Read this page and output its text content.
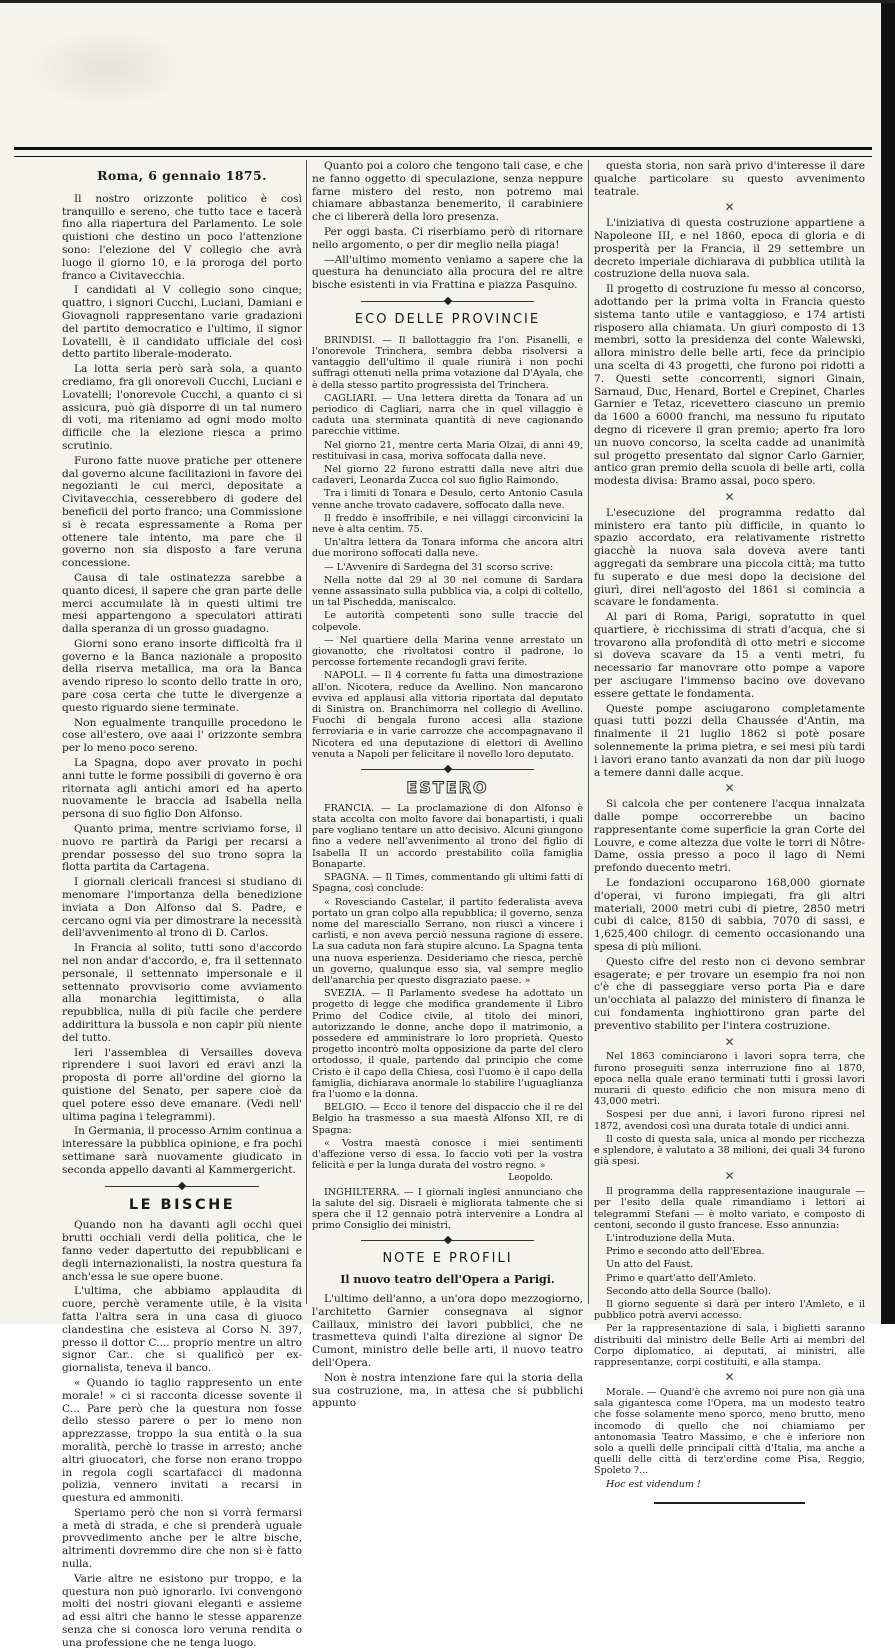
Roma, 6 gennaio 1875.

Il nostro orizzonte politico è così tranquillo e sereno, che tutto tace e tacerà fino alla riapertura del Parlamento. Le sole quistioni che destino un poco l'attenzione sono: l'elezione del V collegio che avrà luogo il giorno 10, e la proroga del porto franco a Civitavecchia.

I candidati al V collegio sono cinque; quattro, i signori Cucchi, Luciani, Damiani e Giovagnoli rappresentano varie gradazioni del partito democratico e l'ultimo, il signor Lovatelli, è il candidato ufficiale del così detto partito liberale-moderato.

La lotta seria però sarà sola, a quanto crediamo, fra gli onorevoli Cucchi, Luciani e Lovatelli; l'onorevole Cucchi, a quanto ci si assicura, può già disporre di un tal numero di voti, ma riteniamo ad ogni modo molto difficile che la elezione riesca a primo scrutinio.

Furono fatte nuove pratiche per ottenere dal governo alcune facilitazioni in favore dei negozianti le cui merci, depositate a Civitavecchia, cesserebbero di godere del beneficii del porto franco; una Commissione si è recata espressamente a Roma per ottenere tale intento, ma pare che il governo non sia disposto a fare veruna concessione.

Causa di tale ostinatezza sarebbe a quanto dicesi, il sapere che gran parte delle merci accumulate là in questi ultimi tre mesi appartengono a speculatori attirati dalla speranza di un grosso guadagno.

Giorni sono erano insorte difficoltà fra il governo e la Banca nazionale a proposito della riserva metallica, ma ora la Banca avendo ripreso lo sconto dello tratte in oro, pare cosa certa che tutte le divergenze a questo riguardo siene terminate.

Non egualmente tranquille procedono le cose all'estero, ove aaai l' orizzonte sembra per lo meno poco sereno.

La Spagna, dopo aver provato in pochi anni tutte le forme possibili di governo è ora ritornata agli antichi amori ed ha aperto nuovamente le braccia ad Isabella nella persona di suo figlio Don Alfonso.

Quanto prima, mentre scriviamo forse, il nuovo re partirà da Parigi per recarsi a prendar possesso del suo trono sopra la flotta partita da Cartagena.

I giornali clericali francesi si studiano di menomare l'importanza della benedizione inviata a Don Alfonso dal S. Padre, e cercano ogni via per dimostrare la necessità dell'avvenimento al trono di D. Carlos.

In Francia al solito, tutti sono d'accordo nel non andar d'accordo, e, fra il settennato personale, il settennato impersonale e il settennato provvisorio come avviamento alla monarchia legittimista, o alla repubblica, nulla di più facile che perdere addirittura la bussola e non capir più niente del tutto.

Ieri l'assemblea di Versailles doveva riprendere i suoi lavori ed eravi anzi la proposta di porre all'ordine del giorno la quistione del Senato, per sapere cioè da quel potere esso deve emanare. (Vedi nell' ultima pagina i telegrammi).

In Germania, il processo Arnim continua a interessare la pubblica opinione, e fra pochi settimane sarà nuovamente giudicato in seconda appello davanti al Kammergericht.

LE BISCHE

Quando non ha davanti agli occhi quei brutti occhiali verdi della politica, che le fanno veder dapertutto dei repubblicani e degli internazionalisti, la nostra questura fa anch'essa le sue opere buone.

L'ultima, che abbiamo applaudita di cuore, perchè veramente utile, è la visita fatta l'altra sera in una casa di giuoco clandestina che esisteva al Corso N. 397, presso il dottor C.... proprio mentre un altro signor Car.. che si qualificò per ex-giornalista, teneva il banco.

« Quando io taglio rappresento un ente morale! » ci si racconta dicesse sovente il C... Pare però che la questura non fosse dello stesso parere o per lo meno non apprezzasse, troppo la sua entità o la sua moralità, perchè lo trasse in arresto; anche altri giuocatori, che forse non erano troppo in regola cogli scartafacci di madonna polizia, vennero invitati a recarsi in questura ed ammoniti.

Speriamo però che non si vorrà fermarsi a metà di strada, e che si prenderà uguale provvedimento anche per le altre bische, altrimenti dovremmo dire che non si è fatto nulla.

Varie altre ne esistono pur troppo, e la questura non può ignorarlo. Ivi convengono molti dei nostri giovani eleganti e assieme ad essi altri che hanno le stesse apparenze senza che si conosca loro veruna rendita o una professione che ne tenga luogo.

Quanto poi a coloro che tengono tali case, e che ne fanno oggetto di speculazione, senza neppure farne mistero del resto, non potremo mai chiamare abbastanza benemerito, il carabiniere che ci libererà della loro presenza.

Per oggi basta. Ci riserbiamo però di ritornare nello argomento, o per dir meglio nella piaga!

—All'ultimo momento veniamo a sapere che la questura ha denunciato alla procura del re altre bische esistenti in via Frattina e piazza Pasquino.

ECO DELLE PROVINCIE

BRINDISI. — Il ballottaggio fra l'on. Pisanelli, e l'onorevole Trinchera, sembra debba risolversi a vantaggio dell'ultimo il quale riunirà i non pochi suffragi ottenuti nella prima votazione dal D'Ayala, che è della stesso partito progressista del Trinchera.

CAGLIARI. — Una lettera diretta da Tonara ad un periodico di Cagliari, narra che in quel villaggio è caduta una sterminata quantità di neve cagionando parecchie vittime.

Nel giorno 21, mentre certa Maria Olzai, di anni 49, restituivasi in casa, moriva soffocata dalla neve.

Nel giorno 22 furono estratti dalla neve altri due cadaveri, Leonarda Zucca col suo figlio Raimondo.

Tra i limiti di Tonara e Desulo, certo Antonio Casula venne anche trovato cadavere, soffocato dalla neve.

Il freddo è insoffribile, e nei villaggi circonvicini la neve è alta centim. 75.

Un'altra lettera da Tonara informa che ancora altri due morirono soffocati dalla neve.

— L'Avvenire di Sardegna del 31 scorso scrive:

Nella notte dal 29 al 30 nel comune di Sardara venne assassinato sulla pubblica via, a colpi di coltello, un tal Pischedda, maniscalco.

Le autorità competenti sono sulle traccie del colpevole.

— Nel quartiere della Marina venne arrestato un giovanotto, che rivoltatosi contro il padrone, lo percosse fortemente recandogli gravi ferite.

NAPOLI. — Il 4 corrente fu fatta una dimostrazione all'on. Nicotera, reduce da Avellino. Non mancarono evviva ed applausi alla vittoria riportata dal deputato di Sinistra on. Branchimorra nel collegio di Avellino. Fuochi di bengala furono accesi alla stazione ferroviaria e in varie carrozze che accompagnavano il Nicotera ed una deputazione di elettori di Avellino venuta a Napoli per felicitare il novello loro deputato.

ESTERO

FRANCIA. — La proclamazione di don Alfonso è stata accolta con molto favore dai bonapartisti, i quali pare vogliano tentare un atto decisivo. Alcuni giungono fino a vedere nell'avvenimento al trono del figlio di Isabella II un accordo prestabilito colla famiglia Bonaparte.

SPAGNA. — Il Times, commentando gli ultimi fatti di Spagna, così conclude:

« Rovesciando Castelar, il partito federalista aveva portato un gran colpo alla repubblica; il governo, senza nome del maresciallo Serrano, non riuscì a vincere i carlisti, e non aveva perciò nessuna ragione di essere. La sua caduta non farà stupire alcuno. La Spagna tenta una nuova esperienza. Desideriamo che riesca, perchè un governo, qualunque esso sia, val sempre meglio dell'anarchia per questo disgraziato paese. »

SVEZIA. — Il Parlamento svedese ha adottato un progetto di legge che modifica grandemente il Libro Primo del Codice civile, al titolo dei minori, autorizzando le donne, anche dopo il matrimonio, a possedere ed amministrare lo loro proprietà. Questo progetto incontrò molta opposizione da parte del clero ortodosso, il quale, partendo dal principio che come Cristo è il capo della Chiesa, così l'uomo è il capo della famiglia, dichiarava anormale lo stabilire l'uguaglianza fra l'uomo e la donna.

BELGIO. — Ecco il tenore del dispaccio che il re del Belgio ha trasmesso a sua maestà Alfonso XII, re di Spagna:

« Vostra maestà conosce i miei sentimenti d'affezione verso di essa. Io faccio voti per la vostra felicità e per la lunga durata del vostro regno. »

Leopoldo.

INGHILTERRA. — I giornali inglesi annunciano che la salute del sig. Disraeli è migliorata talmente che si spera che il 12 gennaio potrà intervenire a Londra al primo Consiglio dei ministri.

NOTE E PROFILI
Il nuovo teatro dell'Opera a Parigi.

L'ultimo dell'anno, a un'ora dopo mezzogiorno, l'architetto Garnier consegnava al signor Caillaux, ministro dei lavori pubblici, che ne trasmetteva quindi l'alta direzione al signor De Cumont, ministro delle belle arti, il nuovo teatro dell'Opera.

Non è nostra intenzione fare qui la storia della sua costruzione, ma, in attesa che si pubblichi appunto

questa storia, non sarà privo d'interesse il dare qualche particolare su questo avvenimento teatrale.

✕

L'iniziativa di questa costruzione appartiene a Napoleone III, e nel 1860, epoca di gloria e di prosperità per la Francia, il 29 settembre un decreto imperiale dichiarava di pubblica utilità la costruzione della nuova sala.

Il progetto di costruzione fu messo al concorso, adottando per la prima volta in Francia questo sistema tanto utile e vantaggioso, e 174 artisti risposero alla chiamata. Un giurì composto di 13 membri, sotto la presidenza del conte Walewski, allora ministro delle belle arti, fece da principio una scelta di 43 progetti, che furono poi ridotti a 7. Questi sette concorrenti, signori Ginain, Sarnaud, Duc, Henard, Bortel e Crepinet, Charles Garnier e Tetaz, ricevettero ciascuno un premio da 1600 a 6000 franchi, ma nessuno fu riputato degno di ricevere il gran premio; aperto fra loro un nuovo concorso, la scelta cadde ad unanimità sul progetto presentato dal signor Carlo Garnier, antico gran premio della scuola di belle arti, colla modesta divisa: Bramo assai, poco spero.

✕

L'esecuzione del programma redatto dal ministero era tanto più difficile, in quanto lo spazio accordato, era relativamente ristretto giacchè la nuova sala doveva avere tanti aggregati da sembrare una piccola città; ma tutto fu superato e due mesi dopo la decisione del giurì, direi nell'agosto del 1861 si comincia a scavare le fondamenta.

Al pari di Roma, Parigi, sopratutto in quel quartiere, è ricchissima di strati d'acqua, che si trovarono alla profondità di otto metri e siccome si doveva scavare da 15 a venti metri, fu necessario far manovrare otto pompe a vapore per asciugare l'immenso bacino ove dovevano essere gettate le fondamenta.

Queste pompe asciugarono completamente quasi tutti pozzi della Chaussée d'Antin, ma finalmente il 21 luglio 1862 si potè posare solennemente la prima pietra, e sei mesi più tardi i lavori erano tanto avanzati da non dar più luogo a temere danni dalle acque.

✕

Si calcola che per contenere l'acqua innalzata dalle pompe occorrerebbe un bacino rappresentante come superficie la gran Corte del Louvre, e come altezza due volte le torri di Nôtre-Dame, ossia presso a poco il lago di Nemi prefondo duecento metri.

Le fondazioni occuparono 168,000 giornate d'operai, vi furono impiegati, fra gli altri materiali, 2000 metri cubi di pietre, 2850 metri cubi di calce, 8150 di sabbia, 7070 di sassi, e 1,625,400 chilogr. di cemento occasionando una spesa di più milioni.

Questo cifre del resto non ci devono sembrar esagerate; e per trovare un esempio fra noi non c'è che di passeggiare verso porta Pia e dare un'occhiata al palazzo del ministero di finanza le cui fondamenta inghiottirono gran parte del preventivo stabilito per l'intera costruzione.

✕

Nel 1863 cominciarono i lavori sopra terra, che furono proseguiti senza interruzione fino al 1870, epoca nella quale erano terminati tutti i grossi lavori murarii di questo edificio che non misura meno di 43,000 metri.

Sospesi per due anni, i lavori furono ripresi nel 1872, avendosi così una durata totale di undici anni.

Il costo di questa sala, unica al mondo per ricchezza e splendore, è valutato a 38 milioni, dei quali 34 furono già spesi.

✕

Il programma della rappresentazione inaugurale — per l'esito della quale rimandiamo i lettori ai telegrammi Stefani — è molto variato, e composto di centoni, secondo il gusto francese. Esso annunzia:

L'introduzione della Muta.

Primo e secondo atto dell'Ebrea.

Un atto del Faust.

Primo e quart'atto dell'Amleto.

Secondo atto della Source (ballo).

Il giorno seguente si darà per intero l'Amleto, e il pubblico potrà avervi accesso.

Per la rappresentazione di sala, i biglietti saranno distribuiti dal ministro delle Belle Arti ai membri del Corpo diplomatico, ai deputati, ai ministri, alle rappresentanze, corpi costituiti, e alla stampa.

✕

Morale. — Quand'è che avremo noi pure non già una sala gigantesca come l'Opera, ma un modesto teatro che fosse solamente meno sporco, meno brutto, meno incomodo di quello che noi chiamiamo per antonomasia Teatro Massimo, e che è inferiore non solo a quelli delle principali città d'Italia, ma anche a quelli delle città di terz'ordine come Pisa, Reggio, Spoleto ?...

Hoc est videndum !
